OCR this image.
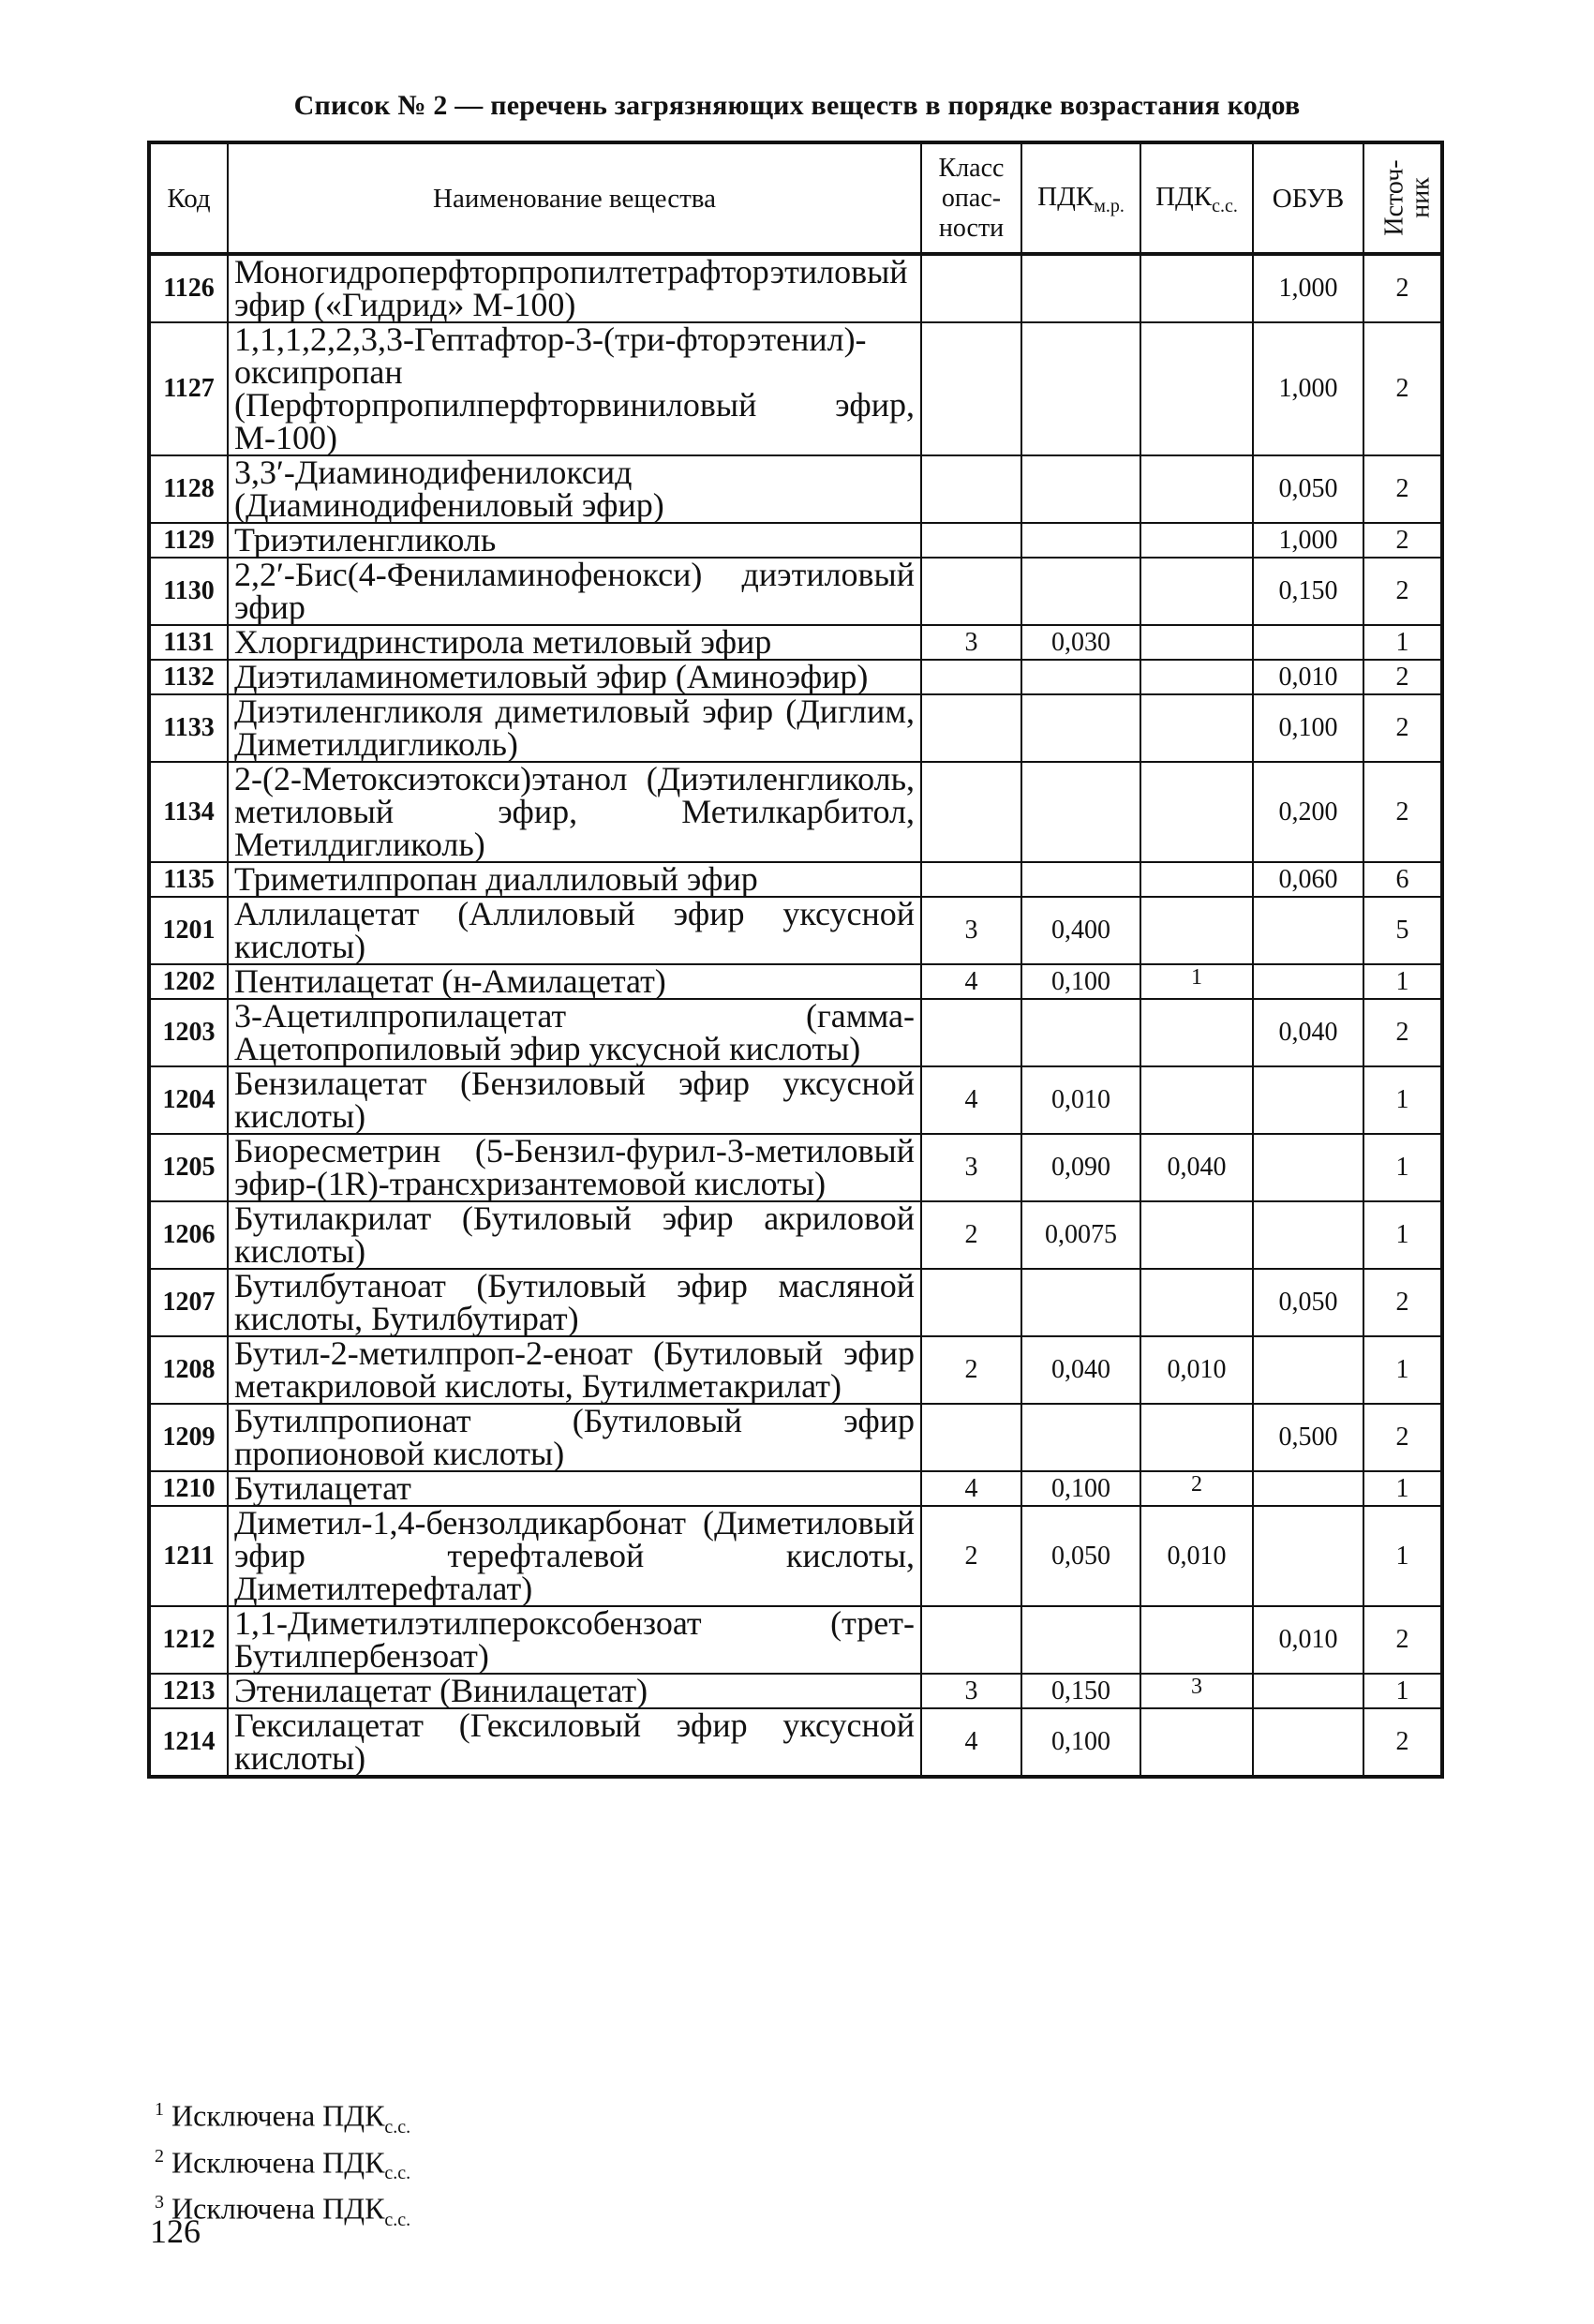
Список № 2 — перечень загрязняющих веществ в порядке возрастания кодов
Код	Наименование вещества	Класс опас-ности	$ПДК_{м.р.}$	$ПДК_{с.с.}$	ОБУВ	Источ-ник
1126	Моногидроперфторпропилтетрафторэтиловый эфир («Гидрид» М-100)				1,000	2
1127	1,1,1,2,2,3,3-Гептафтор-3-(три-фторэтенил)-оксипропан (Перфторпропилперфторвиниловый эфир, М-100)				1,000	2
1128	3,3′-Диаминодифенилоксид (Диаминодифениловый эфир)				0,050	2
1129	Триэтиленгликоль				1,000	2
1130	2,2′-Бис(4-Фениламинофенокси) диэтиловый эфир				0,150	2
1131	Хлоргидринстирола метиловый эфир	3	0,030			1
1132	Диэтиламинометиловый эфир (Аминоэфир)				0,010	2
1133	Диэтиленгликоля диметиловый эфир (Диглим, Диметилдигликоль)				0,100	2
1134	2-(2-Метоксиэтокси)этанол (Диэтиленгликоль, метиловый эфир, Метилкарбитол, Метилдигликоль)				0,200	2
1135	Триметилпропан диаллиловый эфир				0,060	6
1201	Аллилацетат (Аллиловый эфир уксусной кислоты)	3	0,400			5
1202	Пентилацетат (н-Амилацетат)	4	0,100	1		1
1203	3-Ацетилпропилацетат (гамма-Ацетопропиловый эфир уксусной кислоты)				0,040	2
1204	Бензилацетат (Бензиловый эфир уксусной кислоты)	4	0,010			1
1205	Биоресметрин (5-Бензил-фурил-3-метиловый эфир-(1R)-трансхризантемовой кислоты)	3	0,090	0,040		1
1206	Бутилакрилат (Бутиловый эфир акриловой кислоты)	2	0,0075			1
1207	Бутилбутаноат (Бутиловый эфир масляной кислоты, Бутилбутират)				0,050	2
1208	Бутил-2-метилпроп-2-еноат (Бутиловый эфир метакриловой кислоты, Бутилметакрилат)	2	0,040	0,010		1
1209	Бутилпропионат (Бутиловый эфир пропионовой кислоты)				0,500	2
1210	Бутилацетат	4	0,100	2		1
1211	Диметил-1,4-бензолдикарбонат (Диметиловый эфир терефталевой кислоты, Диметилтерефталат)	2	0,050	0,010		1
1212	1,1-Диметилэтилпероксобензоат (трет-Бутилпербензоат)				0,010	2
1213	Этенилацетат (Винилацетат)	3	0,150	3		1
1214	Гексилацетат (Гексиловый эфир уксусной кислоты)	4	0,100			2
$^1$ Исключена $ПДК_{с.с.}$
$^2$ Исключена $ПДК_{с.с.}$
$^3$ Исключена $ПДК_{с.с.}$
126
